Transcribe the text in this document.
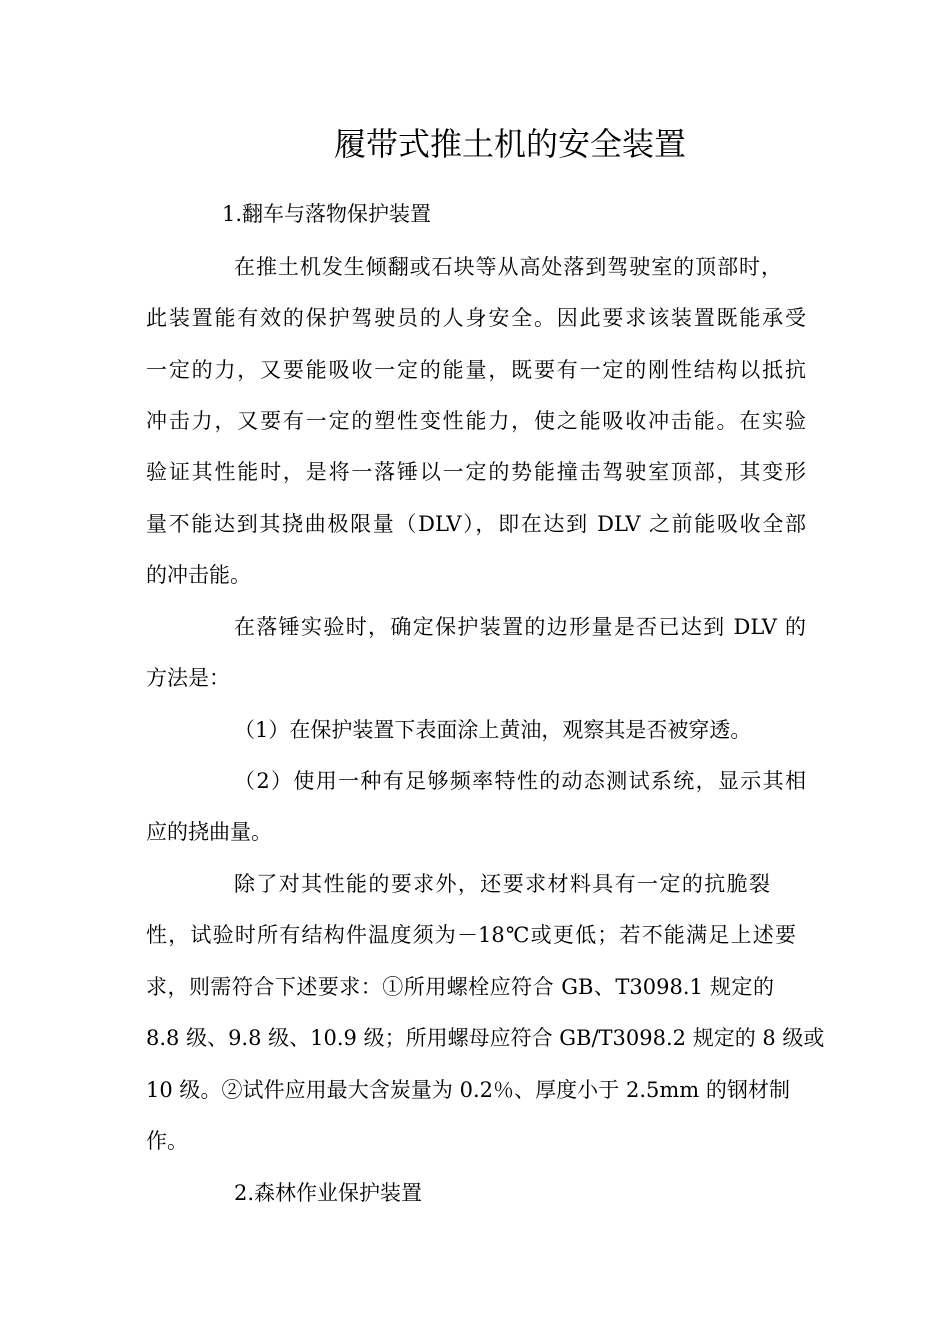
履带式推土机的安全装置
1.翻车与落物保护装置
在推土机发生倾翻或石块等从高处落到驾驶室的顶部时，
此装置能有效的保护驾驶员的人身安全。因此要求该装置既能承受
一定的力，又要能吸收一定的能量，既要有一定的刚性结构以抵抗
冲击力，又要有一定的塑性变性能力，使之能吸收冲击能。在实验
验证其性能时，是将一落锤以一定的势能撞击驾驶室顶部，其变形
量不能达到其挠曲极限量（DLV），即在达到 DLV 之前能吸收全部
的冲击能。
在落锤实验时，确定保护装置的边形量是否已达到 DLV 的
方法是：
（1）在保护装置下表面涂上黄油，观察其是否被穿透。
（2）使用一种有足够频率特性的动态测试系统，显示其相
应的挠曲量。
除了对其性能的要求外，还要求材料具有一定的抗脆裂
性，试验时所有结构件温度须为－18℃或更低；若不能满足上述要
求，则需符合下述要求：①所用螺栓应符合 GB、T3098.1 规定的
8.8 级、9.8 级、10.9 级；所用螺母应符合 GB/T3098.2 规定的 8 级或
10 级。②试件应用最大含炭量为 0.2％、厚度小于 2.5mm 的钢材制
作。
2.森林作业保护装置
